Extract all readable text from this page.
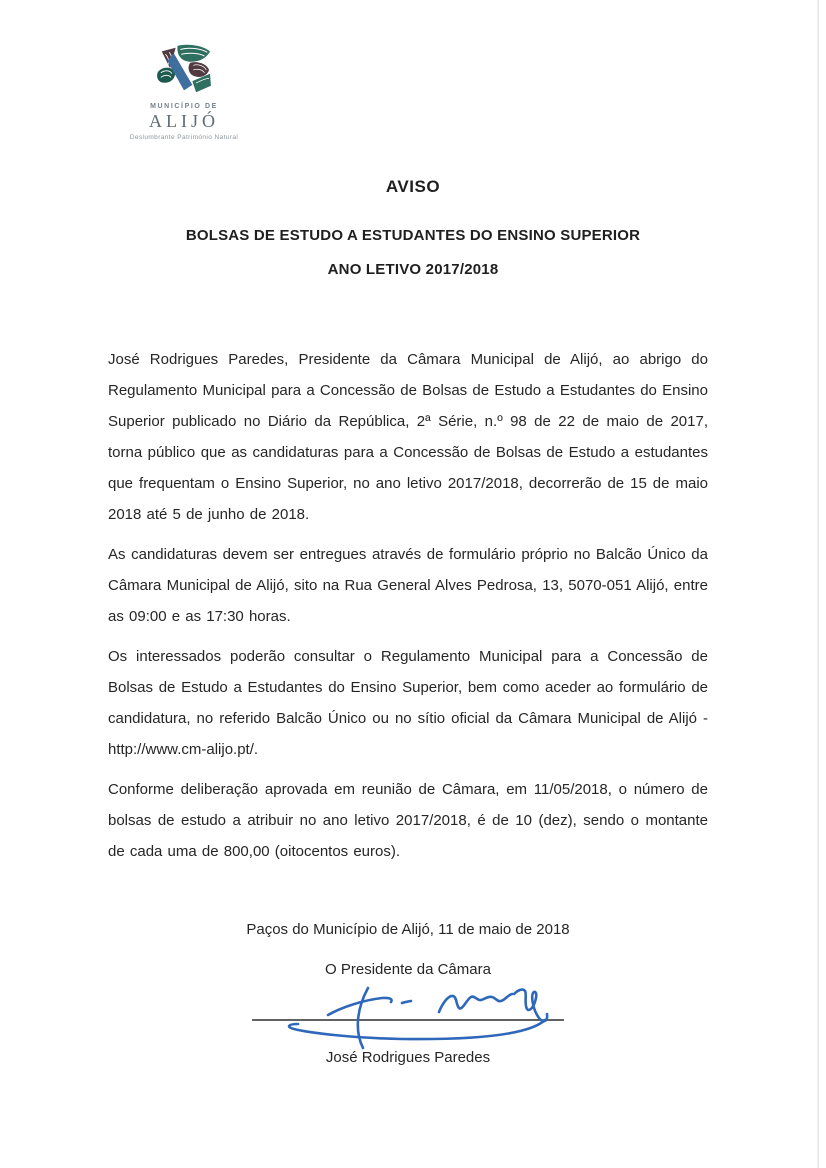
MUNICÍPIO DE
ALIJÓ
Deslumbrante Património Natural
AVISO
BOLSAS DE ESTUDO A ESTUDANTES DO ENSINO SUPERIOR
ANO LETIVO 2017/2018

José Rodrigues Paredes, Presidente da Câmara Municipal de Alijó, ao abrigo do Regulamento Municipal para a Concessão de Bolsas de Estudo a Estudantes do Ensino Superior publicado no Diário da República, 2ª Série, n.º 98 de 22 de maio de 2017, torna público que as candidaturas para a Concessão de Bolsas de Estudo a estudantes que frequentam o Ensino Superior, no ano letivo 2017/2018, decorrerão de 15 de maio 2018 até 5 de junho de 2018.

As candidaturas devem ser entregues através de formulário próprio no Balcão Único da Câmara Municipal de Alijó, sito na Rua General Alves Pedrosa, 13, 5070-051 Alijó, entre as 09:00 e as 17:30 horas.

Os interessados poderão consultar o Regulamento Municipal para a Concessão de Bolsas de Estudo a Estudantes do Ensino Superior, bem como aceder ao formulário de candidatura, no referido Balcão Único ou no sítio oficial da Câmara Municipal de Alijó - http://www.cm-alijo.pt/.

Conforme deliberação aprovada em reunião de Câmara, em 11/05/2018, o número de bolsas de estudo a atribuir no ano letivo 2017/2018, é de 10 (dez), sendo o montante de cada uma de 800,00 (oitocentos euros).

Paços do Município de Alijó, 11 de maio de 2018
O Presidente da Câmara
José Rodrigues Paredes
